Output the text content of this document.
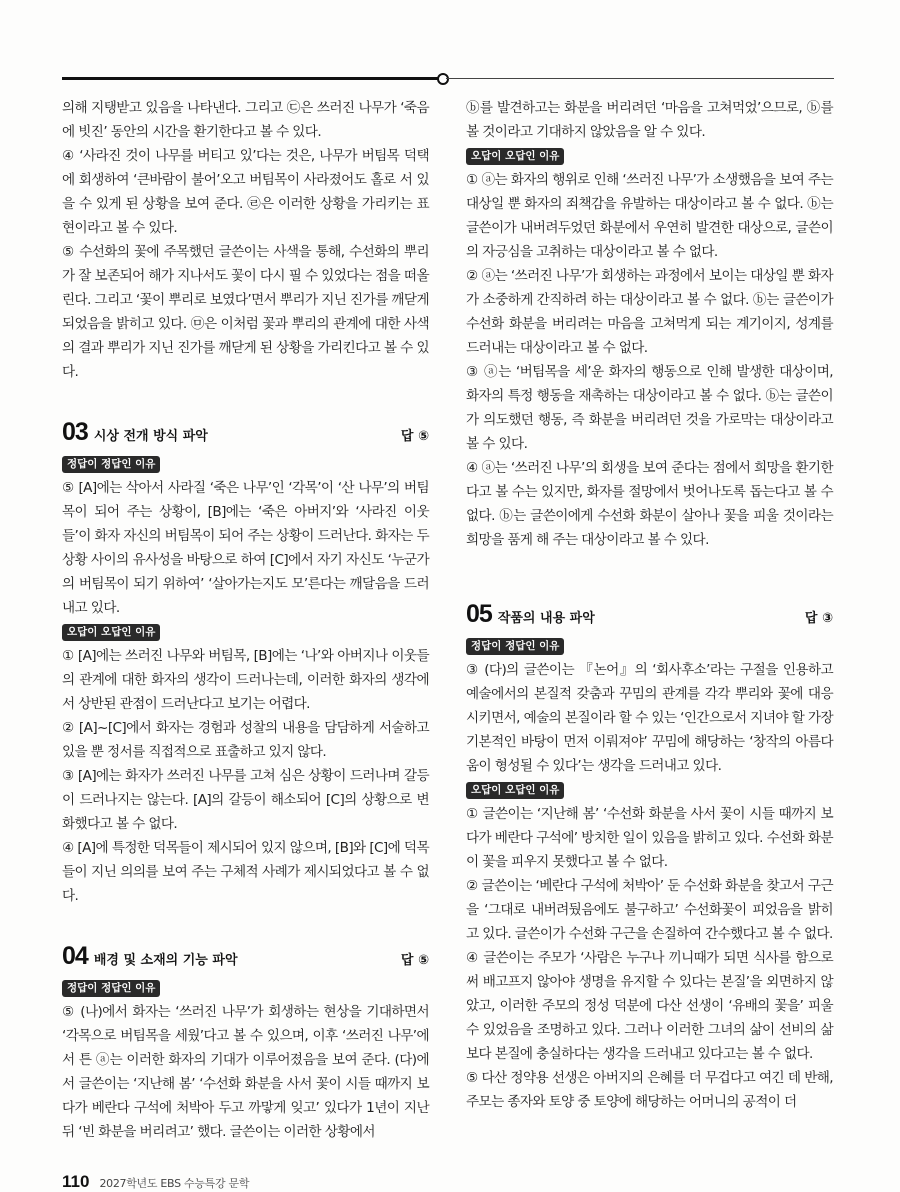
의해 지탱받고 있음을 나타낸다. 그리고 ㉢은 쓰러진 나무가 ‘죽음에 빗진’ 동안의 시간을 환기한다고 볼 수 있다.

④ ‘사라진 것이 나무를 버티고 있’다는 것은, 나무가 버팀목 덕택에 회생하여 ‘큰바람이 불어’오고 버팀목이 사라졌어도 홀로 서 있을 수 있게 된 상황을 보여 준다. ㉣은 이러한 상황을 가리키는 표현이라고 볼 수 있다.

⑤ 수선화의 꽃에 주목했던 글쓴이는 사색을 통해, 수선화의 뿌리가 잘 보존되어 해가 지나서도 꽃이 다시 필 수 있었다는 점을 떠올린다. 그리고 ‘꽃이 뿌리로 보였다’면서 뿌리가 지닌 진가를 깨닫게 되었음을 밝히고 있다. ㉤은 이처럼 꽃과 뿌리의 관계에 대한 사색의 결과 뿌리가 지닌 진가를 깨닫게 된 상황을 가리킨다고 볼 수 있다.

03 시상 전개 방식 파악	답 ⑤
정답이 정답인 이유

⑤ [A]에는 삭아서 사라질 ‘죽은 나무’인 ‘각목’이 ‘산 나무’의 버팀목이 되어 주는 상황이, [B]에는 ‘죽은 아버지’와 ‘사라진 이웃들’이 화자 자신의 버팀목이 되어 주는 상황이 드러난다. 화자는 두 상황 사이의 유사성을 바탕으로 하여 [C]에서 자기 자신도 ‘누군가의 버팀목이 되기 위하여’ ‘살아가는지도 모’른다는 깨달음을 드러내고 있다.

오답이 오답인 이유

① [A]에는 쓰러진 나무와 버팀목, [B]에는 ‘나’와 아버지나 이웃들의 관계에 대한 화자의 생각이 드러나는데, 이러한 화자의 생각에서 상반된 관점이 드러난다고 보기는 어렵다.

② [A]~[C]에서 화자는 경험과 성찰의 내용을 담담하게 서술하고 있을 뿐 정서를 직접적으로 표출하고 있지 않다.

③ [A]에는 화자가 쓰러진 나무를 고쳐 심은 상황이 드러나며 갈등이 드러나지는 않는다. [A]의 갈등이 해소되어 [C]의 상황으로 변화했다고 볼 수 없다.

④ [A]에 특정한 덕목들이 제시되어 있지 않으며, [B]와 [C]에 덕목들이 지닌 의의를 보여 주는 구체적 사례가 제시되었다고 볼 수 없다.

04 배경 및 소재의 기능 파악	답 ⑤
정답이 정답인 이유

⑤ (나)에서 화자는 ‘쓰러진 나무’가 회생하는 현상을 기대하면서 ‘각목으로 버팀목을 세웠’다고 볼 수 있으며, 이후 ‘쓰러진 나무’에서 튼 ⓐ는 이러한 화자의 기대가 이루어졌음을 보여 준다. (다)에서 글쓴이는 ‘지난해 봄’ ‘수선화 화분을 사서 꽃이 시들 때까지 보다가 베란다 구석에 처박아 두고 까맣게 잊고’ 있다가 1년이 지난 뒤 ‘빈 화분을 버리려고’ 했다. 글쓴이는 이러한 상황에서

110 2027학년도 EBS 수능특강 문학

ⓑ를 발견하고는 화분을 버리려던 ‘마음을 고쳐먹었’으므로, ⓑ를 볼 것이라고 기대하지 않았음을 알 수 있다.

오답이 오답인 이유

① ⓐ는 화자의 행위로 인해 ‘쓰러진 나무’가 소생했음을 보여 주는 대상일 뿐 화자의 죄책감을 유발하는 대상이라고 볼 수 없다. ⓑ는 글쓴이가 내버려두었던 화분에서 우연히 발견한 대상으로, 글쓴이의 자긍심을 고취하는 대상이라고 볼 수 없다.

② ⓐ는 ‘쓰러진 나무’가 회생하는 과정에서 보이는 대상일 뿐 화자가 소중하게 간직하려 하는 대상이라고 볼 수 없다. ⓑ는 글쓴이가 수선화 화분을 버리려는 마음을 고쳐먹게 되는 계기이지, 성계를 드러내는 대상이라고 볼 수 없다.

③ ⓐ는 ‘버팀목을 세’운 화자의 행동으로 인해 발생한 대상이며, 화자의 특정 행동을 재촉하는 대상이라고 볼 수 없다. ⓑ는 글쓴이가 의도했던 행동, 즉 화분을 버리려던 것을 가로막는 대상이라고 볼 수 있다.

④ ⓐ는 ‘쓰러진 나무’의 회생을 보여 준다는 점에서 희망을 환기한다고 볼 수는 있지만, 화자를 절망에서 벗어나도록 돕는다고 볼 수 없다. ⓑ는 글쓴이에게 수선화 화분이 살아나 꽃을 피울 것이라는 희망을 품게 해 주는 대상이라고 볼 수 있다.

05 작품의 내용 파악	답 ③
정답이 정답인 이유

③ (다)의 글쓴이는 『논어』의 ‘회사후소’라는 구절을 인용하고 예술에서의 본질적 갖춤과 꾸밈의 관계를 각각 뿌리와 꽃에 대응시키면서, 예술의 본질이라 할 수 있는 ‘인간으로서 지녀야 할 가장 기본적인 바탕이 먼저 이뤄져야’ 꾸밈에 해당하는 ‘창작의 아름다움이 형성될 수 있다’는 생각을 드러내고 있다.

오답이 오답인 이유

① 글쓴이는 ‘지난해 봄’ ‘수선화 화분을 사서 꽃이 시들 때까지 보다가 베란다 구석에’ 방치한 일이 있음을 밝히고 있다. 수선화 화분이 꽃을 피우지 못했다고 볼 수 없다.

② 글쓴이는 ‘베란다 구석에 처박아’ 둔 수선화 화분을 찾고서 구근을 ‘그대로 내버려뒀음에도 불구하고’ 수선화꽃이 피었음을 밝히고 있다. 글쓴이가 수선화 구근을 손질하여 간수했다고 볼 수 없다.

④ 글쓴이는 주모가 ‘사람은 누구나 끼니때가 되면 식사를 함으로써 배고프지 않아야 생명을 유지할 수 있다는 본질’을 외면하지 않았고, 이러한 주모의 정성 덕분에 다산 선생이 ‘유배의 꽃을’ 피울 수 있었음을 조명하고 있다. 그러나 이러한 그녀의 삶이 선비의 삶보다 본질에 충실하다는 생각을 드러내고 있다고는 볼 수 없다.

⑤ 다산 정약용 선생은 아버지의 은혜를 더 무겁다고 여긴 데 반해, 주모는 종자와 토양 중 토양에 해당하는 어머니의 공적이 더
